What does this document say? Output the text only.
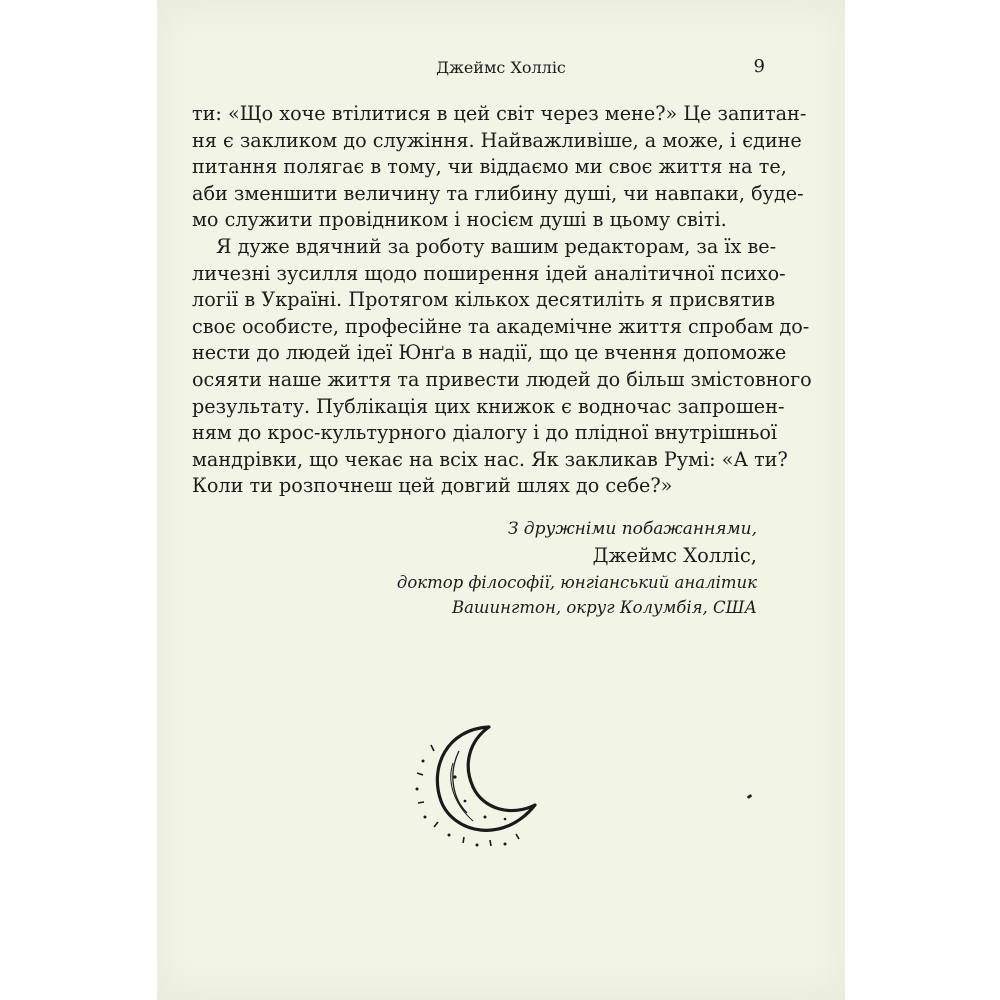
Джеймс Холліс	9
ти: «Що хоче втілитися в цей світ через мене?» Це запитан-
ня є закликом до служіння. Найважливіше, а може, і єдине
питання полягає в тому, чи віддаємо ми своє життя на те,
аби зменшити величину та глибину душі, чи навпаки, будe-
мо служити провідником і носієм душі в цьому світі.
Я дуже вдячний за роботу вашим редакторам, за їх ве-
личезні зусилля щодо поширення ідей аналітичної психо-
логії в Україні. Протягом кількох десятиліть я присвятив
своє особисте, професійне та академічне життя спробам до-
нести до людей ідеї Юнґа в надії, що це вчення допоможе
осяяти наше життя та привести людей до більш змістовного
результату. Публікація цих книжок є водночас запрошен-
ням до крос-культурного діалогу і до плідної внутрішньої
мандрівки, що чекає на всіх нас. Як закликав Румі: «А ти?
Коли ти розпочнеш цей довгий шлях до себе?»
З дружніми побажаннями,
Джеймс Холліс,
доктор філософії, юнгіанський аналітик
Вашингтон, округ Колумбія, США
